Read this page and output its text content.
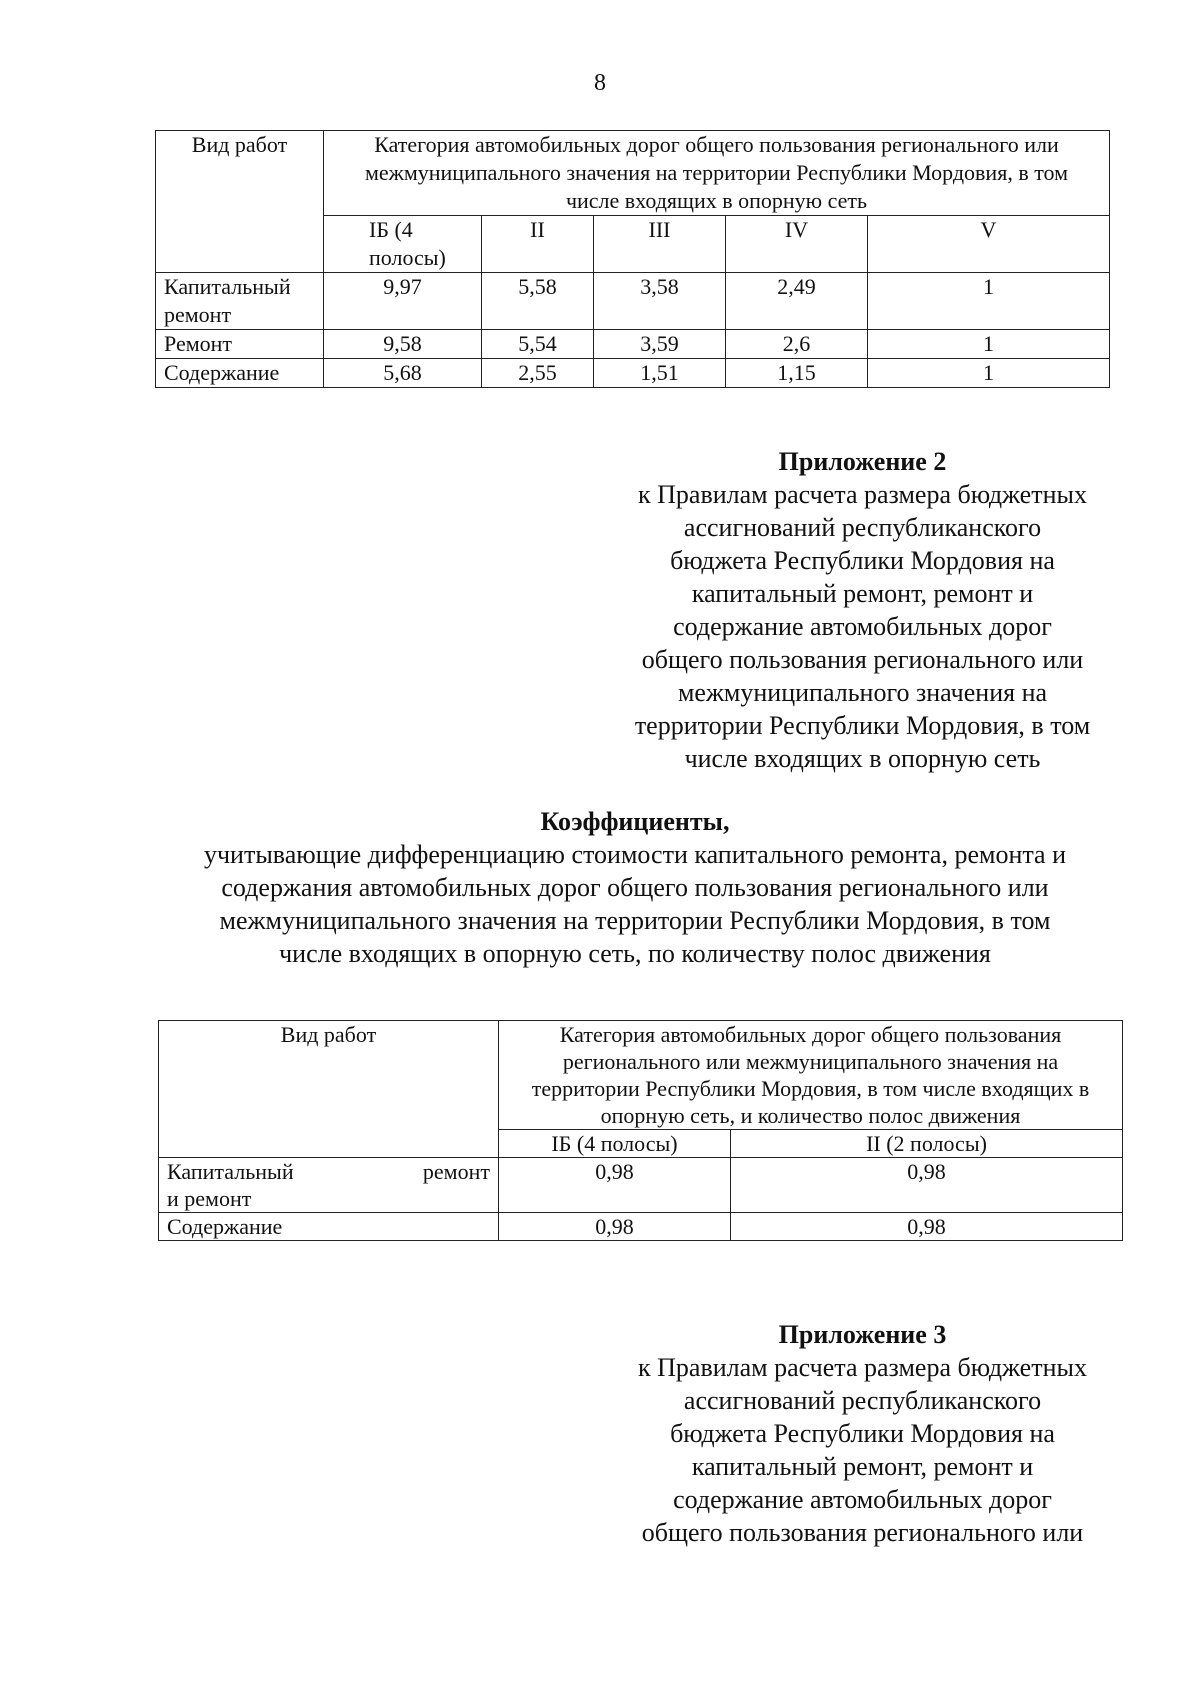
8
Вид работ	Категория автомобильных дорог общего пользования регионального или межмуниципального значения на территории Республики Мордовия, в том числе входящих в опорную сеть				
	IБ (4 полосы)	II	III	IV	V
Капитальный ремонт	9,97	5,58	3,58	2,49	1
Ремонт	9,58	5,54	3,59	2,6	1
Содержание	5,68	2,55	1,51	1,15	1
Приложение 2
к Правилам расчета размера бюджетных
ассигнований республиканского
бюджета Республики Мордовия на
капитальный ремонт, ремонт и
содержание автомобильных дорог
общего пользования регионального или
межмуниципального значения на
территории Республики Мордовия, в том
числе входящих в опорную сеть
Коэффициенты,
учитывающие дифференциацию стоимости капитального ремонта, ремонта и
содержания автомобильных дорог общего пользования регионального или
межмуниципального значения на территории Республики Мордовия, в том
числе входящих в опорную сеть, по количеству полос движения
Вид работ	Категория автомобильных дорог общего пользования регионального или межмуниципального значения на территории Республики Мордовия, в том числе входящих в опорную сеть, и количество полос движения	
	IБ (4 полосы)	II (2 полосы)

Капитальный ремонт
и ремонт	0,98	0,98
Содержание	0,98	0,98
Приложение 3
к Правилам расчета размера бюджетных
ассигнований республиканского
бюджета Республики Мордовия на
капитальный ремонт, ремонт и
содержание автомобильных дорог
общего пользования регионального или
